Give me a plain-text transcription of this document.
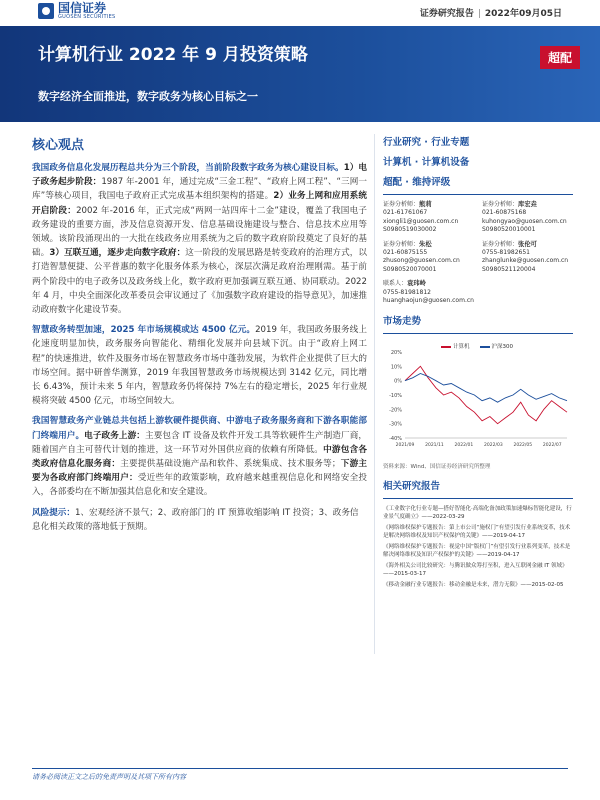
国信证券
GUOSEN SECURITIES	证券研究报告 | 2022年09月05日
计算机行业 2022 年 9 月投资策略
数字经济全面推进，数字政务为核心目标之一
超配
核心观点

我国政务信息化发展历程总共分为三个阶段，当前阶段数字政务为核心建设目标。1）电子政务起步阶段：1987 年-2001 年，通过完成“三金工程”、“政府上网工程”、“三网一库”等核心项目，我国电子政府正式完成基本组织架构的搭建。2）业务上网和应用系统开启阶段：2002 年-2016 年，正式完成“两网一站四库十二金”建设，覆盖了我国电子政务建设的重要方面，涉及信息资源开发、信息基础设施建设与整合、信息技术应用等领域。该阶段涌现出的一大批在线政务应用系统为之后的数字政府阶段奠定了良好的基础。3）互联互通，逐步走向数字政府：这一阶段的发展思路是转变政府的治理方式，以打造智慧便捷、公平普惠的数字化服务体系为核心，深层次满足政府治理刚需。基于前两个阶段中的电子政务以及政务线上化，数字政府更加强调互联互通、协同联动。2022 年 4 月，中央全面深化改革委员会审议通过了《加强数字政府建设的指导意见》，加速推动政府数字化建设节奏。

智慧政务转型加速，2025 年市场规模或达 4500 亿元。2019 年，我国政务服务线上化速度明显加快，政务服务向智能化、精细化发展并向县域下沉。由于“政府上网工程”的快速推进，软件及服务市场在智慧政务市场中蓬勃发展，为软件企业提供了巨大的市场空间。据中研普华测算，2019 年我国智慧政务市场规模达到 3142 亿元，同比增长 6.43%，预计未来 5 年内，智慧政务仍将保持 7%左右的稳定增长，2025 年行业规模将突破 4500 亿元，市场空间较大。

我国智慧政务产业链总共包括上游软硬件提供商、中游电子政务服务商和下游各职能部门终端用户。电子政务上游：主要包含 IT 设备及软件开发工具等软硬件生产制造厂商，随着国产自主可替代计划的推进，这一环节对外国供应商的依赖有所降低。中游包含各类政府信息化服务商：主要提供基础设施产品和软件、系统集成、技术服务等；下游主要为各政府部门终端用户：受近些年的政策影响，政府越来越重视信息化和网络安全投入，各部委均在不断加强其信息化和安全建设。

风险提示：1、宏观经济不景气；2、政府部门的 IT 预算收缩影响 IT 投资；3、政务信息化相关政策的落地低于预期。

行业研究 · 行业专题
计算机 · 计算机设备
超配 · 维持评级
证券分析师：熊莉
021-61761067
xiongli1@guosen.com.cn
S0980519030002
证券分析师：库宏垚
021-60875168
kuhongyao@guosen.com.cn
S0980520010001
证券分析师：朱松
021-60875155
zhusong@guosen.com.cn
S0980520070001
证券分析师：张伦可
0755-81982651
zhanglunke@guosen.com.cn
S0980521120004
联系人：袁玮岭
0755-81981812
huanghaojun@guosen.com.cn
市场走势
计算机	沪深300
20%
10%
0%
-10%
-20%
-30%
-40%
2021/09 2021/11 2022/01 2022/03 2022/05 2022/07
资料来源：Wind、国信证券经济研究所整理
相关研究报告
《工业数字化行业专题—搭好智能化·高端化备加政策加速爆标智能化建设，行业景气度确立》——2022-03-29
《网络维权保护专题报告：第上市公司“施权门”有望引发行业系统变革，技术是解决网络维权及知识产权保护的关键》——2019-04-17
《网络维权保护专题报告：视觉中国“版权门”有望引发行业系列变革，技术是解决网络维权及知识产权保护的关键》——2019-04-17
《海外相关公司比较研究：与腾讯做众筹打至积，进入互联网金融 IT 领域》——2015-03-17
《移动金融行业专题报告：移动金融是未来，潜力无限》——2015-02-05
请务必阅读正文之后的免责声明及其项下所有内容
